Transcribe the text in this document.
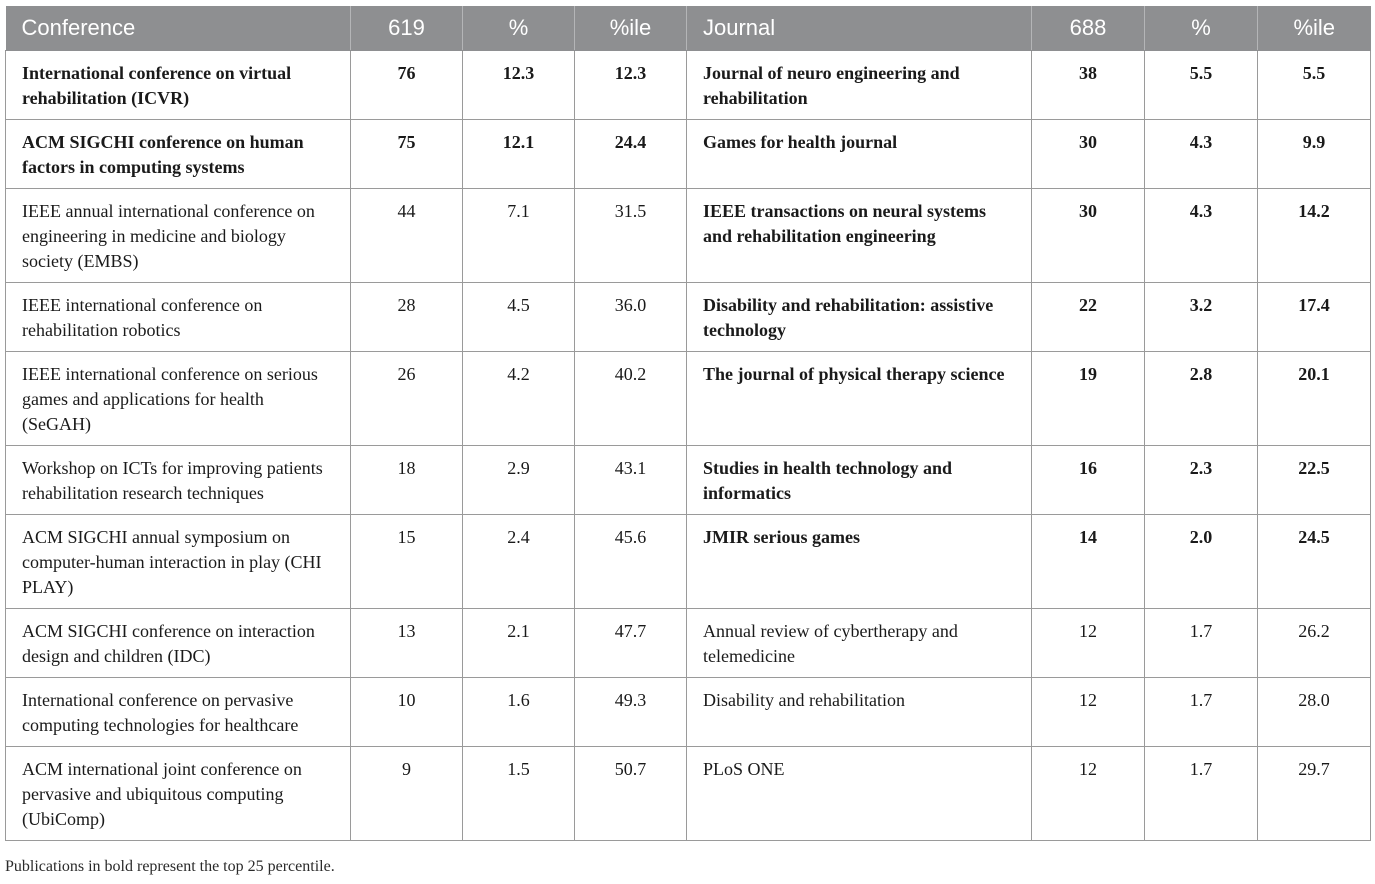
Conference	619	%	%ile	Journal	688	%	%ile
International conference on virtual rehabilitation (ICVR)	76	12.3	12.3	Journal of neuro engineering and rehabilitation	38	5.5	5.5
ACM SIGCHI conference on human factors in computing systems	75	12.1	24.4	Games for health journal	30	4.3	9.9
IEEE annual international conference on engineering in medicine and biology society (EMBS)	44	7.1	31.5	IEEE transactions on neural systems and rehabilitation engineering	30	4.3	14.2
IEEE international conference on rehabilitation robotics	28	4.5	36.0	Disability and rehabilitation: assistive technology	22	3.2	17.4
IEEE international conference on serious games and applications for health (SeGAH)	26	4.2	40.2	The journal of physical therapy science	19	2.8	20.1
Workshop on ICTs for improving patients rehabilitation research techniques	18	2.9	43.1	Studies in health technology and informatics	16	2.3	22.5
ACM SIGCHI annual symposium on computer-human interaction in play (CHI PLAY)	15	2.4	45.6	JMIR serious games	14	2.0	24.5
ACM SIGCHI conference on interaction design and children (IDC)	13	2.1	47.7	Annual review of cybertherapy and telemedicine	12	1.7	26.2
International conference on pervasive computing technologies for healthcare	10	1.6	49.3	Disability and rehabilitation	12	1.7	28.0
ACM international joint conference on pervasive and ubiquitous computing (UbiComp)	9	1.5	50.7	PLoS ONE	12	1.7	29.7
Publications in bold represent the top 25 percentile.
